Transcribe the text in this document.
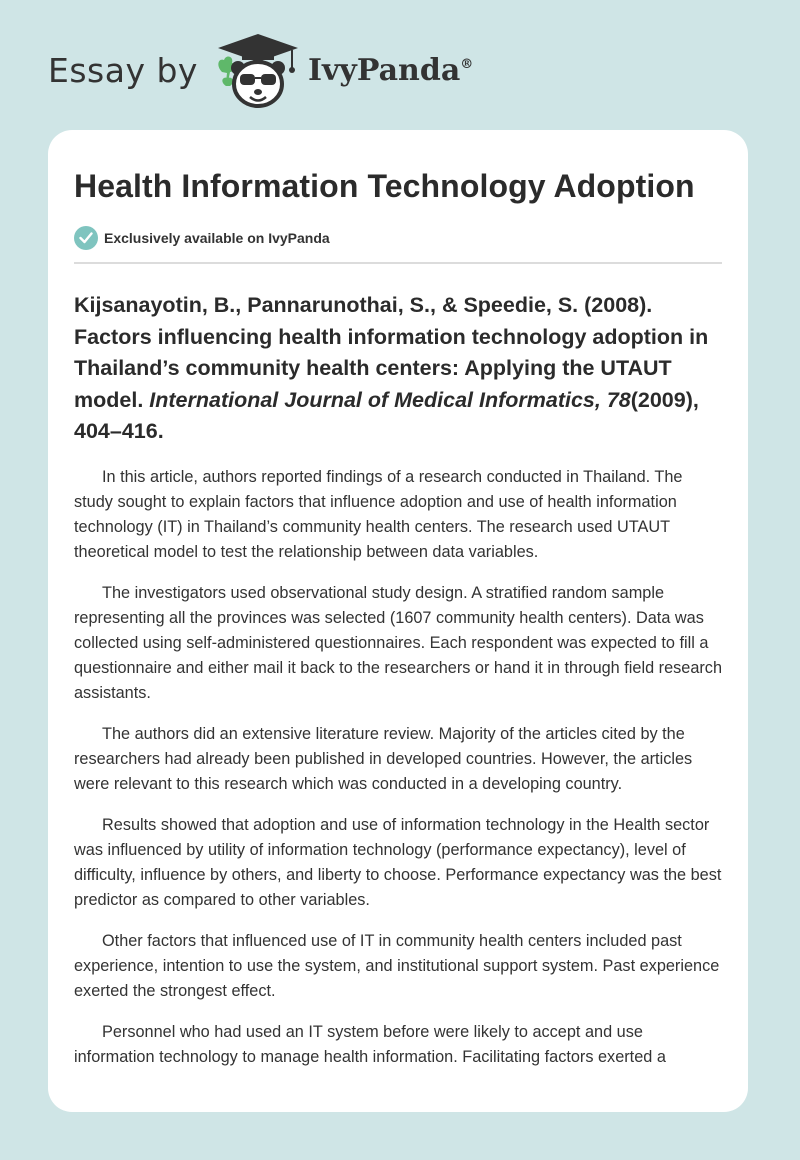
Essay by	IvyPanda®
Health Information Technology Adoption
Exclusively available on IvyPanda
Kijsanayotin, B., Pannarunothai, S., & Speedie, S. (2008). Factors influencing health information technology adoption in Thailand’s community health centers: Applying the UTAUT model. International Journal of Medical Informatics, 78(2009), 404–416.

In this article, authors reported findings of a research conducted in Thailand. The study sought to explain factors that influence adoption and use of health information technology (IT) in Thailand’s community health centers. The research used UTAUT theoretical model to test the relationship between data variables.

The investigators used observational study design. A stratified random sample representing all the provinces was selected (1607 community health centers). Data was collected using self-administered questionnaires. Each respondent was expected to fill a questionnaire and either mail it back to the researchers or hand it in through field research assistants.

The authors did an extensive literature review. Majority of the articles cited by the researchers had already been published in developed countries. However, the articles were relevant to this research which was conducted in a developing country.

Results showed that adoption and use of information technology in the Health sector was influenced by utility of information technology (performance expectancy), level of difficulty, influence by others, and liberty to choose. Performance expectancy was the best predictor as compared to other variables.

Other factors that influenced use of IT in community health centers included past experience, intention to use the system, and institutional support system. Past experience exerted the strongest effect.

Personnel who had used an IT system before were likely to accept and use information technology to manage health information. Facilitating factors exerted a
